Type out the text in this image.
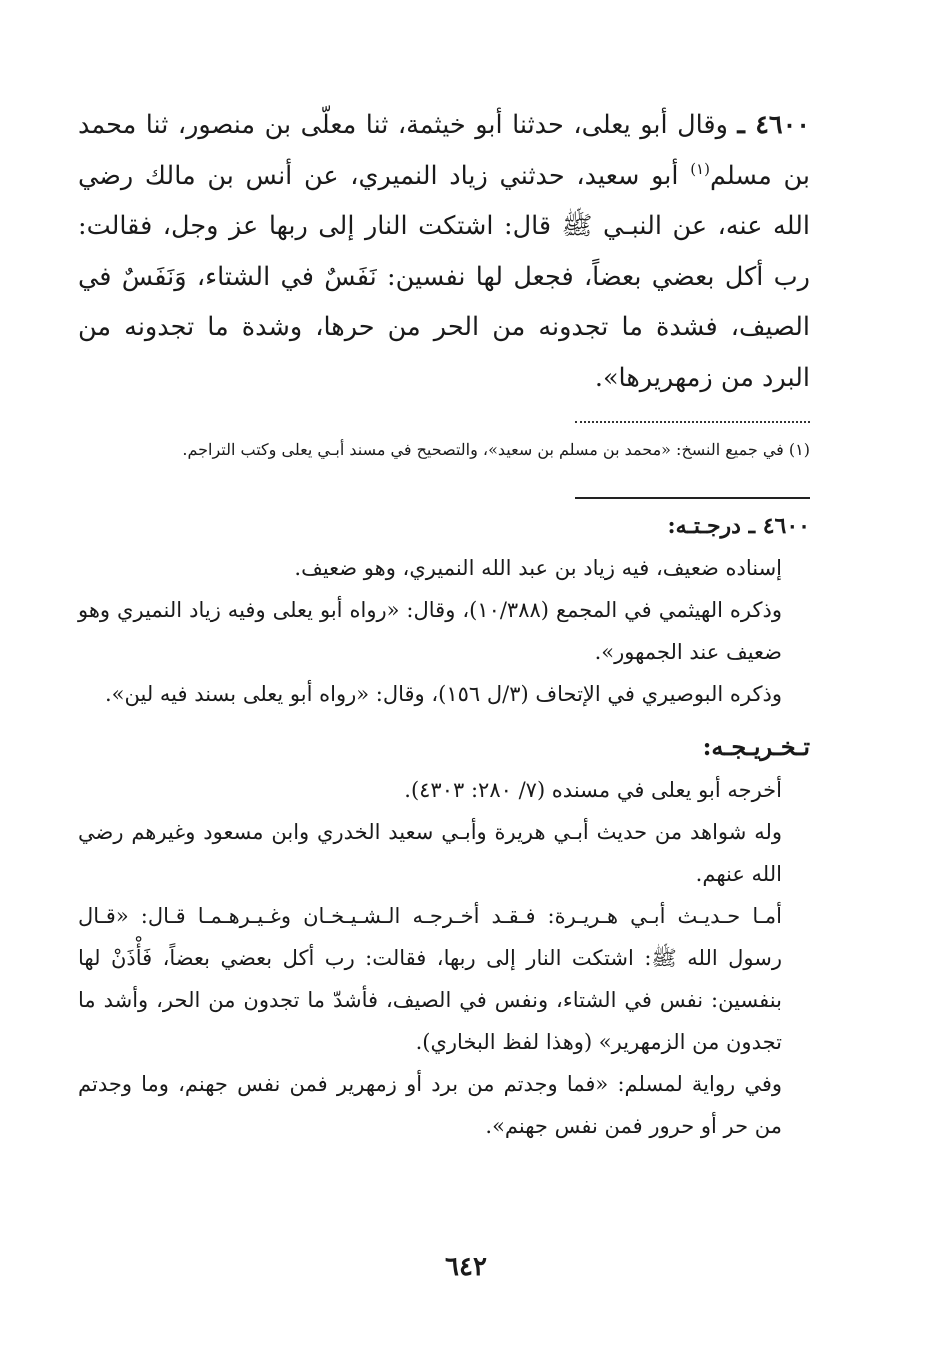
٤٦٠٠ ـ وقال أبو يعلى، حدثنا أبو خيثمة، ثنا معلّى بن منصور، ثنا محمد بن مسلم$^{(١)}$ أبو سعيد، حدثني زياد النميري، عن أنس بن مالك رضي الله عنه، عن النبـي ﷺ قال: اشتكت النار إلى ربها عز وجل، فقالت: رب أكل بعضي بعضاً، فجعل لها نفسين: نَفَسٌ في الشتاء، وَنَفَسٌ في الصيف، فشدة ما تجدونه من الحر من حرها، وشدة ما تجدونه من البرد من زمهريرها».

(١) في جميع النسخ: «محمد بن مسلم بن سعيد»، والتصحيح في مسند أبـي يعلى وكتب التراجم.

٤٦٠٠ ـ درجـتـه:

إسناده ضعيف، فيه زياد بن عبد الله النميري، وهو ضعيف.

وذكره الهيثمي في المجمع (١٠/٣٨٨)، وقال: «رواه أبو يعلى وفيه زياد النميري وهو ضعيف عند الجمهور».

وذكره البوصيري في الإتحاف (٣/ل ١٥٦)، وقال: «رواه أبو يعلى بسند فيه لين».

تـخـريـجـه:

أخرجه أبو يعلى في مسنده (٧/ ٢٨٠: ٤٣٠٣).

وله شواهد من حديث أبـي هريرة وأبـي سعيد الخدري وابن مسعود وغيرهم رضي الله عنهم.

أمـا حـديـث أبـي هـريـرة: فـقـد أخـرجـه الـشـيـخـان وغـيـرهـمـا قـال: «قـال رسول الله ﷺ: اشتكت النار إلى ربها، فقالت: رب أكل بعضي بعضاً، فَأْذَنْ لها بنفسين: نفس في الشتاء، ونفس في الصيف، فأشدّ ما تجدون من الحر، وأشد ما تجدون من الزمهرير» (وهذا لفظ البخاري).

وفي رواية لمسلم: «فما وجدتم من برد أو زمهرير فمن نفس جهنم، وما وجدتم من حر أو حرور فمن نفس جهنم».

٦٤٢
